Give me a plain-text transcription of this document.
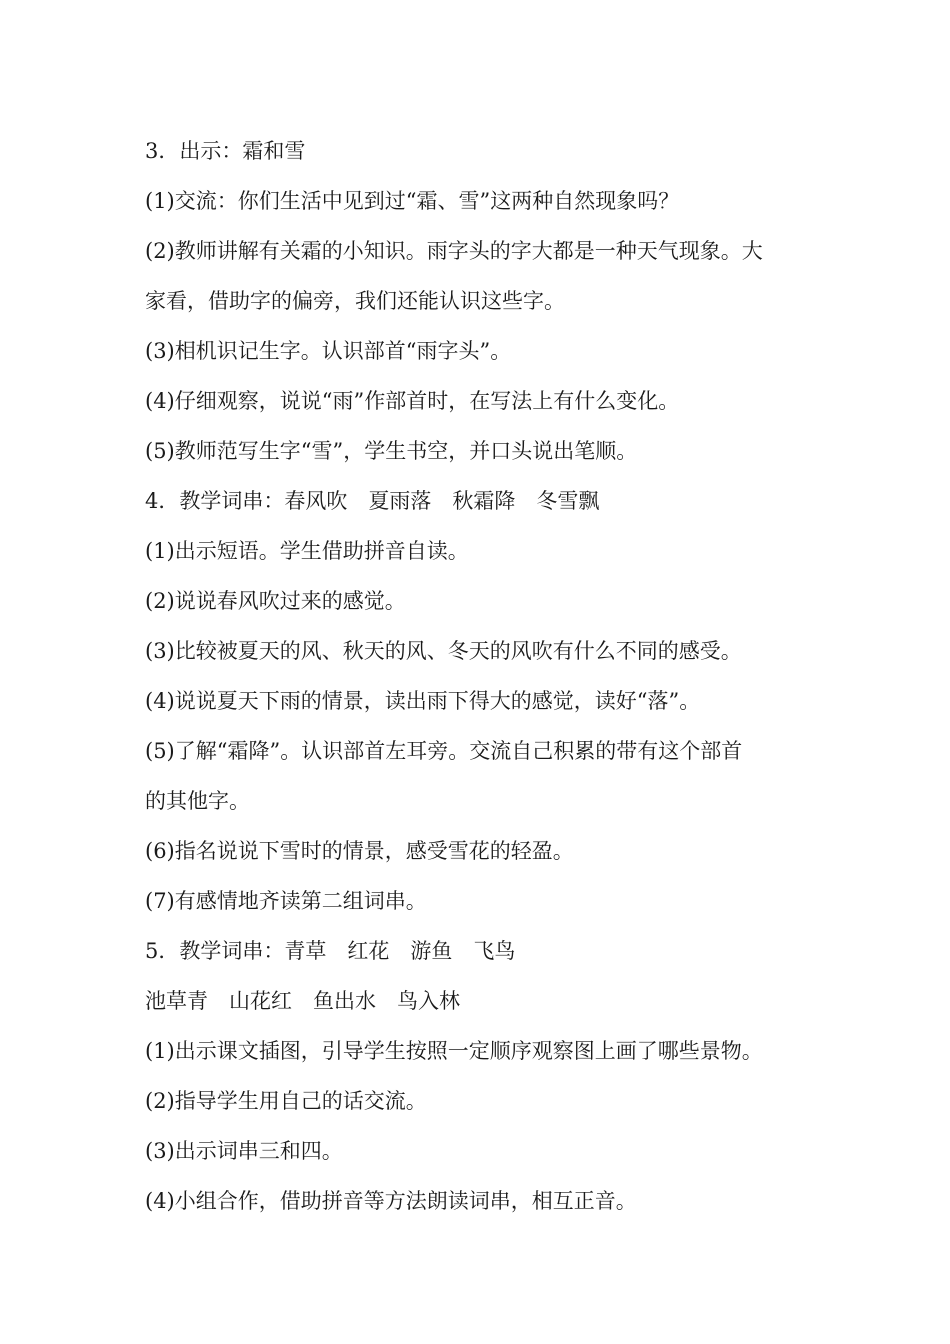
3．出示：霜和雪
(1)交流：你们生活中见到过“霜、雪”这两种自然现象吗？
(2)教师讲解有关霜的小知识。雨字头的字大都是一种天气现象。大
家看，借助字的偏旁，我们还能认识这些字。
(3)相机识记生字。认识部首“雨字头”。
(4)仔细观察，说说“雨”作部首时，在写法上有什么变化。
(5)教师范写生字“雪”，学生书空，并口头说出笔顺。
4．教学词串：春风吹　夏雨落　秋霜降　冬雪飘
(1)出示短语。学生借助拼音自读。
(2)说说春风吹过来的感觉。
(3)比较被夏天的风、秋天的风、冬天的风吹有什么不同的感受。
(4)说说夏天下雨的情景，读出雨下得大的感觉，读好“落”。
(5)了解“霜降”。认识部首左耳旁。交流自己积累的带有这个部首
的其他字。
(6)指名说说下雪时的情景，感受雪花的轻盈。
(7)有感情地齐读第二组词串。
5．教学词串：青草　红花　游鱼　飞鸟
池草青　山花红　鱼出水　鸟入林
(1)出示课文插图，引导学生按照一定顺序观察图上画了哪些景物。
(2)指导学生用自己的话交流。
(3)出示词串三和四。
(4)小组合作，借助拼音等方法朗读词串，相互正音。
